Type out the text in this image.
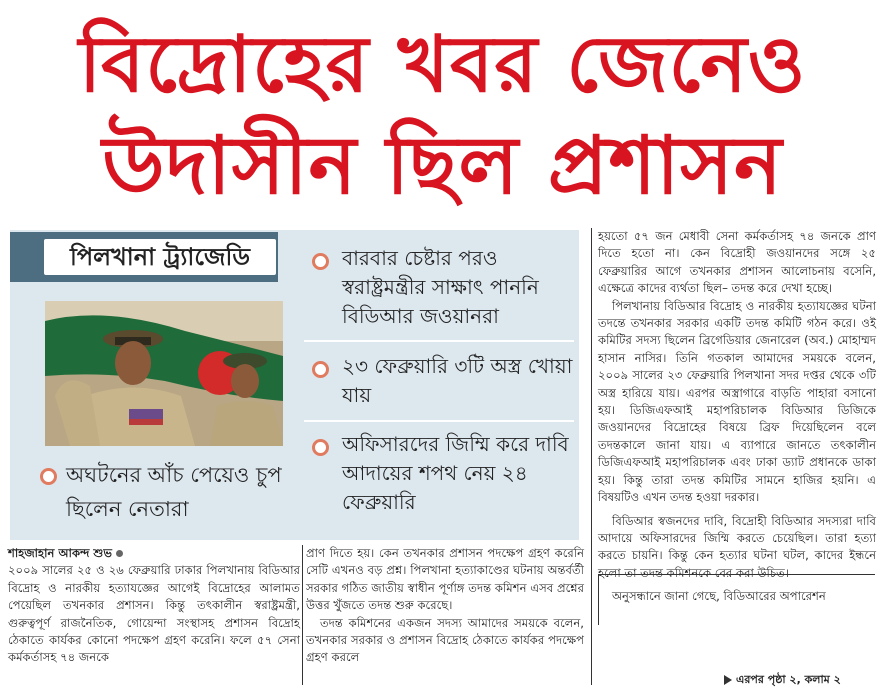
বিদ্রোহের খবর জেনেও
উদাসীন ছিল প্রশাসন
পিলখানা ট্র্যাজেডি
অঘটনের আঁচ পেয়েও চুপ ছিলেন নেতারা
বারবার চেষ্টার পরও স্বরাষ্ট্রমন্ত্রীর সাক্ষাৎ পাননি বিডিআর জওয়ানরা
২৩ ফেব্রুয়ারি ৩টি অস্ত্র খোয়া যায়
অফিসারদের জিম্মি করে দাবি আদায়ের শপথ নেয় ২৪ ফেব্রুয়ারি

শাহজাহান আকন্দ শুভ

২০০৯ সালের ২৫ ও ২৬ ফেব্রুয়ারি ঢাকার পিলখানায় বিডিআর বিদ্রোহ ও নারকীয় হত্যাযজ্ঞের আগেই বিদ্রোহের আলামত পেয়েছিল তখনকার প্রশাসন। কিন্তু তৎকালীন স্বরাষ্ট্রমন্ত্রী, গুরুত্বপূর্ণ রাজনৈতিক, গোয়েন্দা সংস্থাসহ প্রশাসন বিদ্রোহ ঠেকাতে কার্যকর কোনো পদক্ষেপ গ্রহণ করেনি। ফলে ৫৭ সেনা কর্মকর্তাসহ ৭৪ জনকে

প্রাণ দিতে হয়। কেন তখনকার প্রশাসন পদক্ষেপ গ্রহণ করেনি সেটি এখনও বড় প্রশ্ন। পিলখানা হত্যাকাণ্ডের ঘটনায় অন্তর্বর্তী সরকার গঠিত জাতীয় স্বাধীন পূর্ণাঙ্গ তদন্ত কমিশন এসব প্রশ্নের উত্তর খুঁজতে তদন্ত শুরু করেছে।

তদন্ত কমিশনের একজন সদস্য আমাদের সময়কে বলেন, তখনকার সরকার ও প্রশাসন বিদ্রোহ ঠেকাতে কার্যকর পদক্ষেপ গ্রহণ করলে

হয়তো ৫৭ জন মেধাবী সেনা কর্মকর্তাসহ ৭৪ জনকে প্রাণ দিতে হতো না। কেন বিদ্রোহী জওয়ানদের সঙ্গে ২৫ ফেব্রুয়ারির আগে তখনকার প্রশাসন আলোচনায় বসেনি, এক্ষেত্রে কাদের ব্যর্থতা ছিল– তদন্ত করে দেখা হচ্ছে।

পিলখানায় বিডিআর বিদ্রোহ ও নারকীয় হত্যাযজ্ঞের ঘটনা তদন্তে তখনকার সরকার একটি তদন্ত কমিটি গঠন করে। ওই কমিটির সদস্য ছিলেন ব্রিগেডিয়ার জেনারেল (অব.) মোহাম্মদ হাসান নাসির। তিনি গতকাল আমাদের সময়কে বলেন, ২০০৯ সালের ২৩ ফেব্রুয়ারি পিলখানা সদর দপ্তর থেকে ৩টি অস্ত্র হারিয়ে যায়। এরপর অস্ত্রাগারে বাড়তি পাহারা বসানো হয়। ডিজিএফআই মহাপরিচালক বিডিআর ডিজিকে জওয়ানদের বিদ্রোহের বিষয়ে ব্রিফ দিয়েছিলেন বলে তদন্তকালে জানা যায়। এ ব্যাপারে জানতে তৎকালীন ডিজিএফআই মহাপরিচালক এবং ঢাকা ড্যাট প্রধানকে ডাকা হয়। কিন্তু তারা তদন্ত কমিটির সামনে হাজির হয়নি। এ বিষয়টিও এখন তদন্ত হওয়া দরকার।

বিডিআর স্বজনদের দাবি, বিদ্রোহী বিডিআর সদস্যরা দাবি আদায়ে অফিসারদের জিম্মি করতে চেয়েছিল। তারা হত্যা করতে চায়নি। কিন্তু কেন হত্যার ঘটনা ঘটল, কাদের ইন্ধনে হলো তা তদন্ত কমিশনকে বের করা উচিত।

অনুসন্ধানে জানা গেছে, বিডিআরের অপারেশন

এরপর পৃষ্ঠা ২, কলাম ২
